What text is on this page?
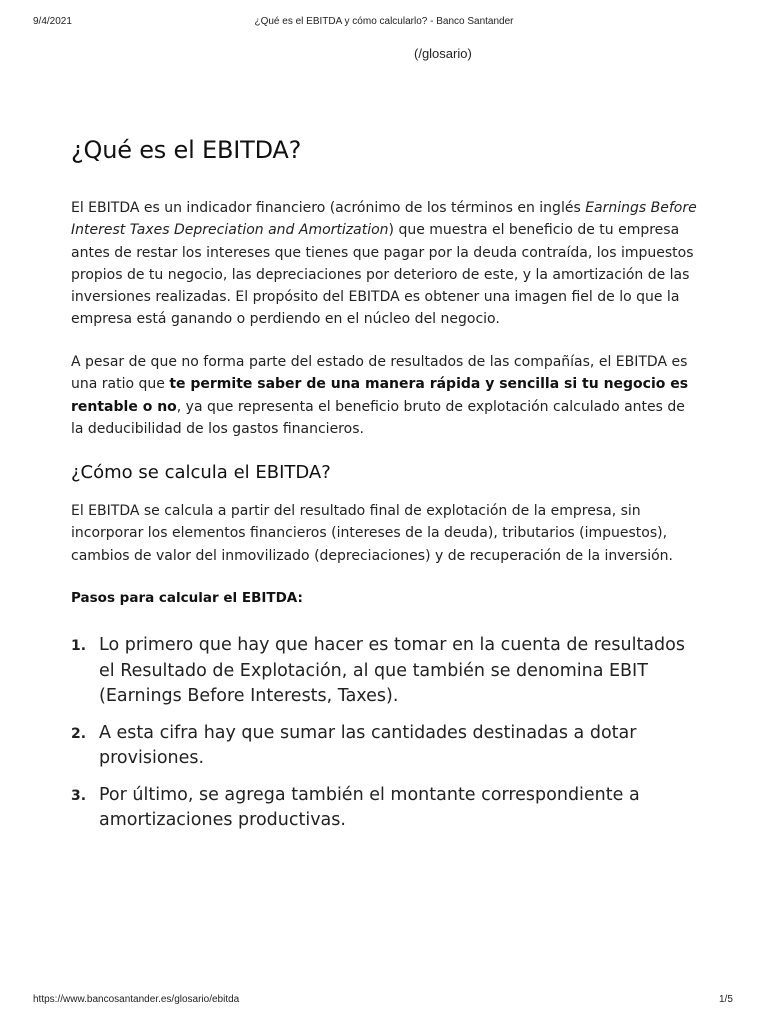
9/4/2021	¿Qué es el EBITDA y cómo calcularlo? - Banco Santander
(/glosario)
¿Qué es el EBITDA?

El EBITDA es un indicador financiero (acrónimo de los términos en inglés Earnings Before Interest Taxes Depreciation and Amortization) que muestra el beneficio de tu empresa antes de restar los intereses que tienes que pagar por la deuda contraída, los impuestos propios de tu negocio, las depreciaciones por deterioro de este, y la amortización de las inversiones realizadas. El propósito del EBITDA es obtener una imagen fiel de lo que la empresa está ganando o perdiendo en el núcleo del negocio.

A pesar de que no forma parte del estado de resultados de las compañías, el EBITDA es una ratio que te permite saber de una manera rápida y sencilla si tu negocio es rentable o no, ya que representa el beneficio bruto de explotación calculado antes de la deducibilidad de los gastos financieros.

¿Cómo se calcula el EBITDA?

El EBITDA se calcula a partir del resultado final de explotación de la empresa, sin incorporar los elementos financieros (intereses de la deuda), tributarios (impuestos), cambios de valor del inmovilizado (depreciaciones) y de recuperación de la inversión.

Pasos para calcular el EBITDA:

1. Lo primero que hay que hacer es tomar en la cuenta de resultados el Resultado de Explotación, al que también se denomina EBIT (Earnings Before Interests, Taxes).
2. A esta cifra hay que sumar las cantidades destinadas a dotar provisiones.
3. Por último, se agrega también el montante correspondiente a amortizaciones productivas.
https://www.bancosantander.es/glosario/ebitda	1/5
